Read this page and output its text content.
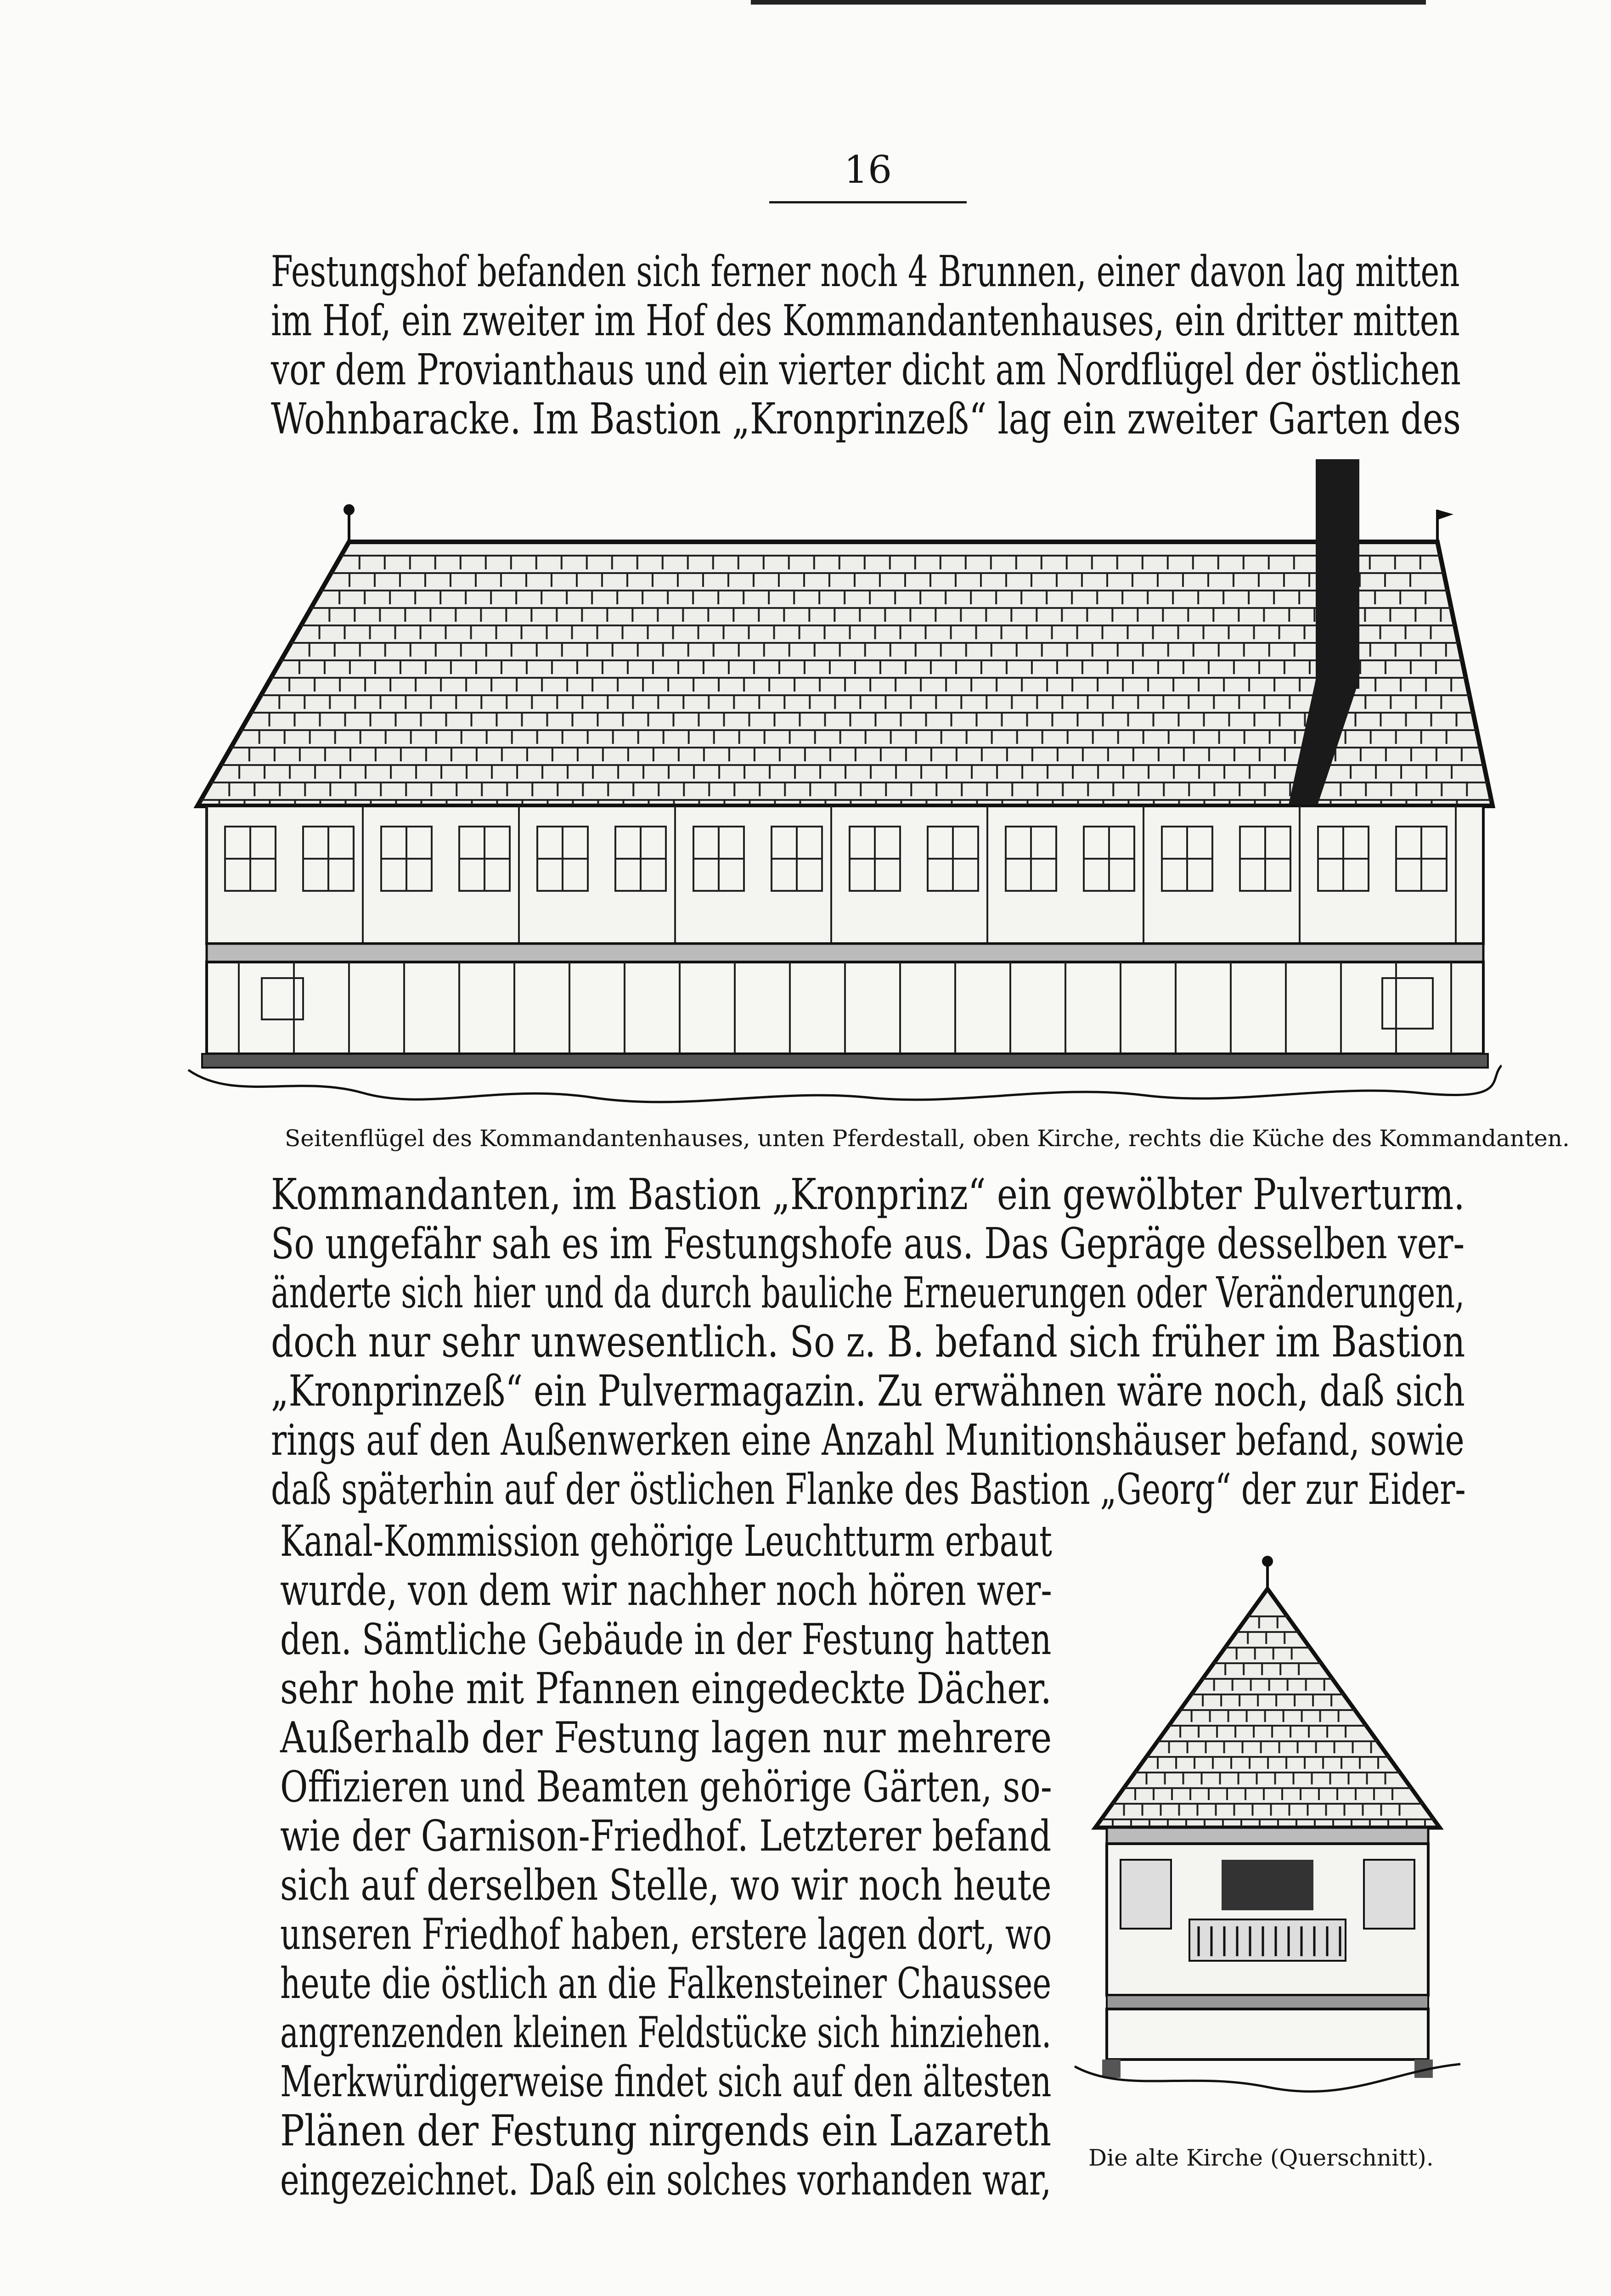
16
Festungshof befanden sich ferner noch 4 Brunnen, einer davon lag mitten
im Hof, ein zweiter im Hof des Kommandantenhauses, ein dritter mitten
vor dem Provianthaus und ein vierter dicht am Nordflügel der östlichen
Wohnbaracke. Im Bastion „Kronprinzeß“ lag ein zweiter Garten des
Seitenflügel des Kommandantenhauses, unten Pferdestall, oben Kirche, rechts die Küche des Kommandanten.
Kommandanten, im Bastion „Kronprinz“ ein gewölbter Pulverturm.
So ungefähr sah es im Festungshofe aus. Das Gepräge desselben ver-
änderte sich hier und da durch bauliche Erneuerungen oder Veränderungen,
doch nur sehr unwesentlich. So z. B. befand sich früher im Bastion
„Kronprinzeß“ ein Pulvermagazin. Zu erwähnen wäre noch, daß sich
rings auf den Außenwerken eine Anzahl Munitionshäuser befand, sowie
daß späterhin auf der östlichen Flanke des Bastion „Georg“ der zur Eider-
Kanal-Kommission gehörige Leuchtturm erbaut
wurde, von dem wir nachher noch hören wer-
den. Sämtliche Gebäude in der Festung hatten
sehr hohe mit Pfannen eingedeckte Dächer.
Außerhalb der Festung lagen nur mehrere
Offizieren und Beamten gehörige Gärten, so-
wie der Garnison-Friedhof. Letzterer befand
sich auf derselben Stelle, wo wir noch heute
unseren Friedhof haben, erstere lagen dort, wo
heute die östlich an die Falkensteiner Chaussee
angrenzenden kleinen Feldstücke sich hinziehen.
Merkwürdigerweise findet sich auf den ältesten
Plänen der Festung nirgends ein Lazareth
eingezeichnet. Daß ein solches vorhanden war, Die alte Kirche (Querschnitt).
